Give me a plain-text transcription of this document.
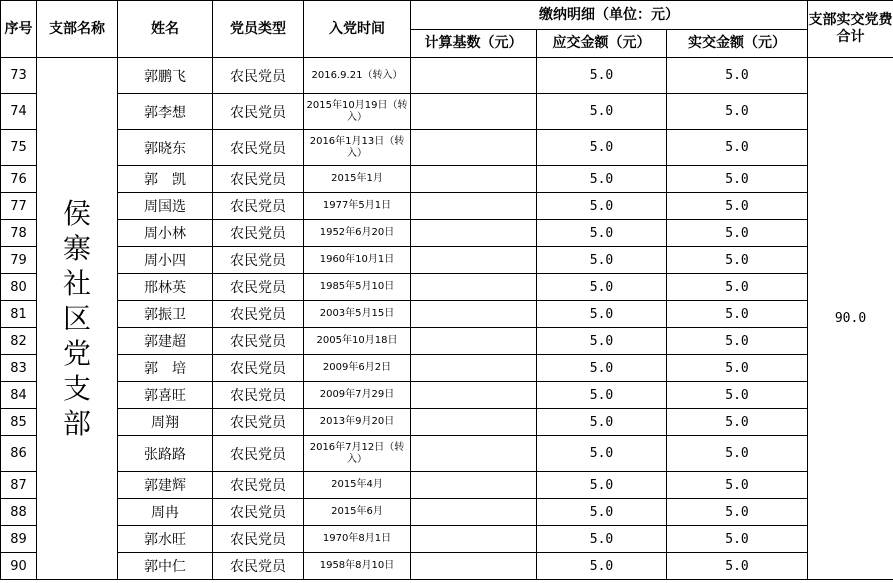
序号	支部名称	姓名	党员类型	入党时间	缴纳明细（单位：元）			支部实交党费合计
					计算基数（元）	应交金额（元）	实交金额（元）	
73	侯寨社区党支部	郭鹏飞	农民党员	2016.9.21（转入）		5.0	5.0	90.0
74		郭李想	农民党员	2015年10月19日（转入）		5.0	5.0	
75		郭晓东	农民党员	2016年1月13日（转入）		5.0	5.0	
76		郭　凯	农民党员	2015年1月		5.0	5.0	
77		周国选	农民党员	1977年5月1日		5.0	5.0	
78		周小林	农民党员	1952年6月20日		5.0	5.0	
79		周小四	农民党员	1960年10月1日		5.0	5.0	
80		邢林英	农民党员	1985年5月10日		5.0	5.0	
81		郭振卫	农民党员	2003年5月15日		5.0	5.0	
82		郭建超	农民党员	2005年10月18日		5.0	5.0	
83		郭　培	农民党员	2009年6月2日		5.0	5.0	
84		郭喜旺	农民党员	2009年7月29日		5.0	5.0	
85		周翔	农民党员	2013年9月20日		5.0	5.0	
86		张路路	农民党员	2016年7月12日（转入）		5.0	5.0	
87		郭建辉	农民党员	2015年4月		5.0	5.0	
88		周冉	农民党员	2015年6月		5.0	5.0	
89		郭水旺	农民党员	1970年8月1日		5.0	5.0	
90		郭中仁	农民党员	1958年8月10日		5.0	5.0	
